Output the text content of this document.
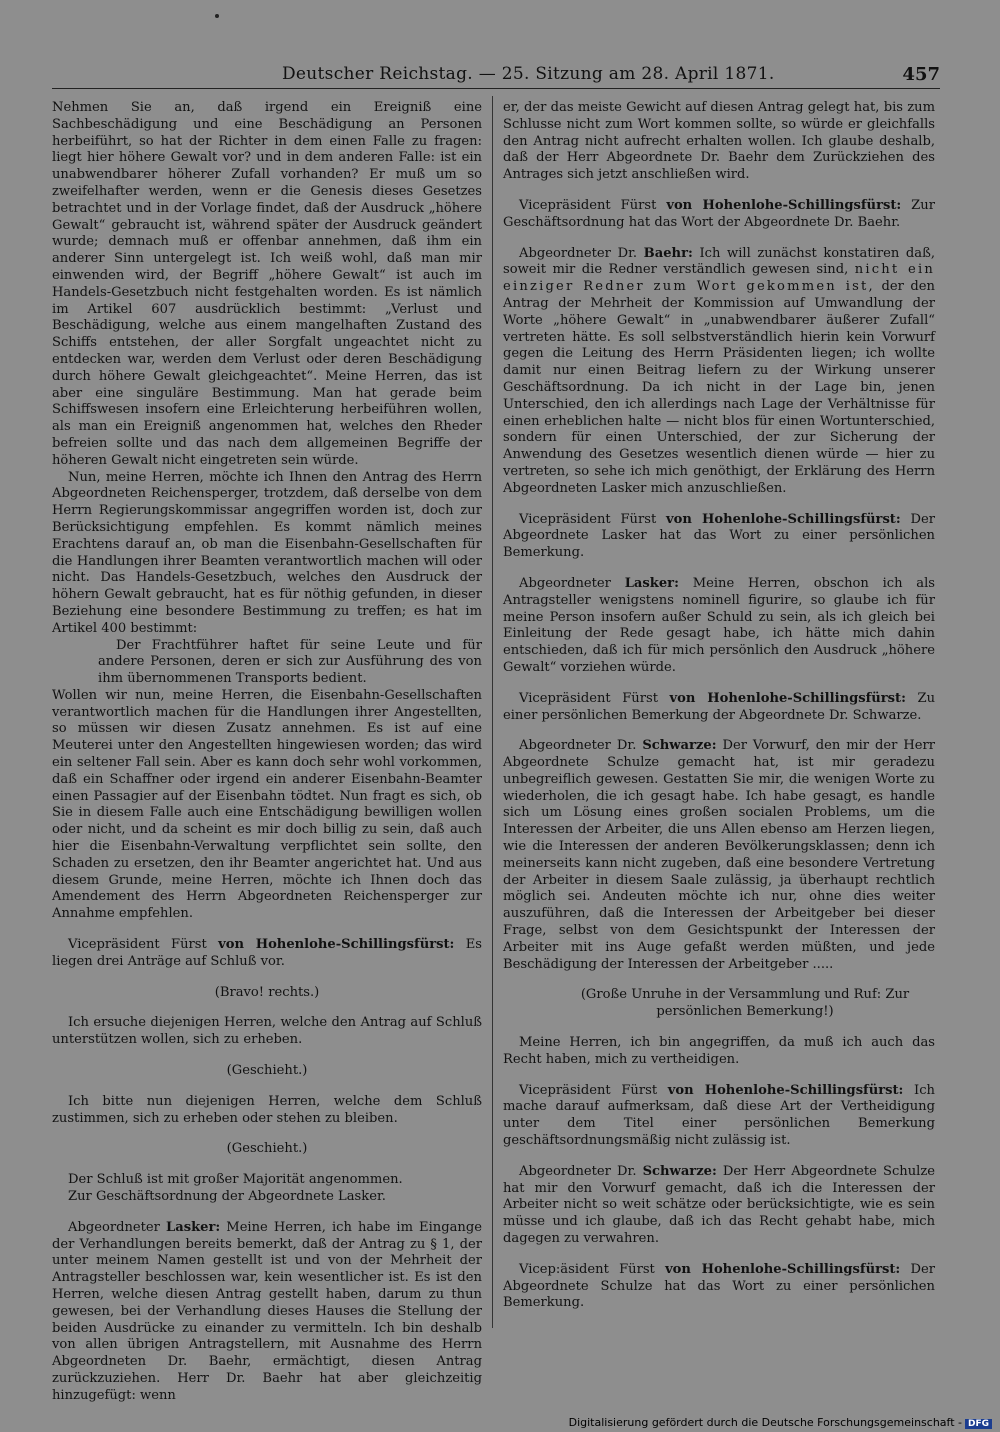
Deutscher Reichstag. — 25. Sitzung am 28. April 1871.	457

Nehmen Sie an, daß irgend ein Ereigniß eine Sachbeschädigung und eine Beschädigung an Personen herbeiführt, so hat der Richter in dem einen Falle zu fragen: liegt hier höhere Gewalt vor? und in dem anderen Falle: ist ein unabwendbarer höherer Zufall vorhanden? Er muß um so zweifelhafter werden, wenn er die Genesis dieses Gesetzes betrachtet und in der Vorlage findet, daß der Ausdruck „höhere Gewalt“ gebraucht ist, während später der Ausdruck geändert wurde; demnach muß er offenbar annehmen, daß ihm ein anderer Sinn untergelegt ist. Ich weiß wohl, daß man mir einwenden wird, der Begriff „höhere Gewalt“ ist auch im Handels-Gesetzbuch nicht festgehalten worden. Es ist nämlich im Artikel 607 ausdrücklich bestimmt: „Verlust und Beschädigung, welche aus einem mangelhaften Zustand des Schiffs entstehen, der aller Sorgfalt ungeachtet nicht zu entdecken war, werden dem Verlust oder deren Beschädigung durch höhere Gewalt gleichgeachtet“. Meine Herren, das ist aber eine singuläre Bestimmung. Man hat gerade beim Schiffswesen insofern eine Erleichterung herbeiführen wollen, als man ein Ereigniß angenommen hat, welches den Rheder befreien sollte und das nach dem allgemeinen Begriffe der höheren Gewalt nicht eingetreten sein würde.

Nun, meine Herren, möchte ich Ihnen den Antrag des Herrn Abgeordneten Reichensperger, trotzdem, daß derselbe von dem Herrn Regierungskommissar angegriffen worden ist, doch zur Berücksichtigung empfehlen. Es kommt nämlich meines Erachtens darauf an, ob man die Eisenbahn-Gesellschaften für die Handlungen ihrer Beamten verantwortlich machen will oder nicht. Das Handels-Gesetzbuch, welches den Ausdruck der höhern Gewalt gebraucht, hat es für nöthig gefunden, in dieser Beziehung eine besondere Bestimmung zu treffen; es hat im Artikel 400 bestimmt:

Der Frachtführer haftet für seine Leute und für andere Personen, deren er sich zur Ausführung des von ihm übernommenen Transports bedient.

Wollen wir nun, meine Herren, die Eisenbahn-Gesellschaften verantwortlich machen für die Handlungen ihrer Angestellten, so müssen wir diesen Zusatz annehmen. Es ist auf eine Meuterei unter den Angestellten hingewiesen worden; das wird ein seltener Fall sein. Aber es kann doch sehr wohl vorkommen, daß ein Schaffner oder irgend ein anderer Eisenbahn-Beamter einen Passagier auf der Eisenbahn tödtet. Nun fragt es sich, ob Sie in diesem Falle auch eine Entschädigung bewilligen wollen oder nicht, und da scheint es mir doch billig zu sein, daß auch hier die Eisenbahn-Verwaltung verpflichtet sein sollte, den Schaden zu ersetzen, den ihr Beamter angerichtet hat. Und aus diesem Grunde, meine Herren, möchte ich Ihnen doch das Amendement des Herrn Abgeordneten Reichensperger zur Annahme empfehlen.

Vicepräsident Fürst von Hohenlohe-Schillingsfürst: Es liegen drei Anträge auf Schluß vor.

(Bravo! rechts.)

Ich ersuche diejenigen Herren, welche den Antrag auf Schluß unterstützen wollen, sich zu erheben.

(Geschieht.)

Ich bitte nun diejenigen Herren, welche dem Schluß zustimmen, sich zu erheben oder stehen zu bleiben.

(Geschieht.)

Der Schluß ist mit großer Majorität angenommen.

Zur Geschäftsordnung der Abgeordnete Lasker.

Abgeordneter Lasker: Meine Herren, ich habe im Eingange der Verhandlungen bereits bemerkt, daß der Antrag zu § 1, der unter meinem Namen gestellt ist und von der Mehrheit der Antragsteller beschlossen war, kein wesentlicher ist. Es ist den Herren, welche diesen Antrag gestellt haben, darum zu thun gewesen, bei der Verhandlung dieses Hauses die Stellung der beiden Ausdrücke zu einander zu vermitteln. Ich bin deshalb von allen übrigen Antragstellern, mit Ausnahme des Herrn Abgeordneten Dr. Baehr, ermächtigt, diesen Antrag zurückzuziehen. Herr Dr. Baehr hat aber gleichzeitig hinzugefügt: wenn

er, der das meiste Gewicht auf diesen Antrag gelegt hat, bis zum Schlusse nicht zum Wort kommen sollte, so würde er gleichfalls den Antrag nicht aufrecht erhalten wollen. Ich glaube deshalb, daß der Herr Abgeordnete Dr. Baehr dem Zurückziehen des Antrages sich jetzt anschließen wird.

Vicepräsident Fürst von Hohenlohe-Schillingsfürst: Zur Geschäftsordnung hat das Wort der Abgeordnete Dr. Baehr.

Abgeordneter Dr. Baehr: Ich will zunächst konstatiren daß, soweit mir die Redner verständlich gewesen sind, nicht ein einziger Redner zum Wort gekommen ist, der den Antrag der Mehrheit der Kommission auf Umwandlung der Worte „höhere Gewalt“ in „unabwendbarer äußerer Zufall“ vertreten hätte. Es soll selbstverständlich hierin kein Vorwurf gegen die Leitung des Herrn Präsidenten liegen; ich wollte damit nur einen Beitrag liefern zu der Wirkung unserer Geschäftsordnung. Da ich nicht in der Lage bin, jenen Unterschied, den ich allerdings nach Lage der Verhältnisse für einen erheblichen halte — nicht blos für einen Wortunterschied, sondern für einen Unterschied, der zur Sicherung der Anwendung des Gesetzes wesentlich dienen würde — hier zu vertreten, so sehe ich mich genöthigt, der Erklärung des Herrn Abgeordneten Lasker mich anzuschließen.

Vicepräsident Fürst von Hohenlohe-Schillingsfürst: Der Abgeordnete Lasker hat das Wort zu einer persönlichen Bemerkung.

Abgeordneter Lasker: Meine Herren, obschon ich als Antragsteller wenigstens nominell figurire, so glaube ich für meine Person insofern außer Schuld zu sein, als ich gleich bei Einleitung der Rede gesagt habe, ich hätte mich dahin entschieden, daß ich für mich persönlich den Ausdruck „höhere Gewalt“ vorziehen würde.

Vicepräsident Fürst von Hohenlohe-Schillingsfürst: Zu einer persönlichen Bemerkung der Abgeordnete Dr. Schwarze.

Abgeordneter Dr. Schwarze: Der Vorwurf, den mir der Herr Abgeordnete Schulze gemacht hat, ist mir geradezu unbegreiflich gewesen. Gestatten Sie mir, die wenigen Worte zu wiederholen, die ich gesagt habe. Ich habe gesagt, es handle sich um Lösung eines großen socialen Problems, um die Interessen der Arbeiter, die uns Allen ebenso am Herzen liegen, wie die Interessen der anderen Bevölkerungsklassen; denn ich meinerseits kann nicht zugeben, daß eine besondere Vertretung der Arbeiter in diesem Saale zulässig, ja überhaupt rechtlich möglich sei. Andeuten möchte ich nur, ohne dies weiter auszuführen, daß die Interessen der Arbeitgeber bei dieser Frage, selbst von dem Gesichtspunkt der Interessen der Arbeiter mit ins Auge gefaßt werden müßten, und jede Beschädigung der Interessen der Arbeitgeber .....

(Große Unruhe in der Versammlung und Ruf: Zur persönlichen Bemerkung!)

Meine Herren, ich bin angegriffen, da muß ich auch das Recht haben, mich zu vertheidigen.

Vicepräsident Fürst von Hohenlohe-Schillingsfürst: Ich mache darauf aufmerksam, daß diese Art der Vertheidigung unter dem Titel einer persönlichen Bemerkung geschäftsordnungsmäßig nicht zulässig ist.

Abgeordneter Dr. Schwarze: Der Herr Abgeordnete Schulze hat mir den Vorwurf gemacht, daß ich die Interessen der Arbeiter nicht so weit schätze oder berücksichtigte, wie es sein müsse und ich glaube, daß ich das Recht gehabt habe, mich dagegen zu verwahren.

Vicep:äsident Fürst von Hohenlohe-Schillingsfürst: Der Abgeordnete Schulze hat das Wort zu einer persönlichen Bemerkung.

Digitalisierung gefördert durch die Deutsche Forschungsgemeinschaft - DFG
